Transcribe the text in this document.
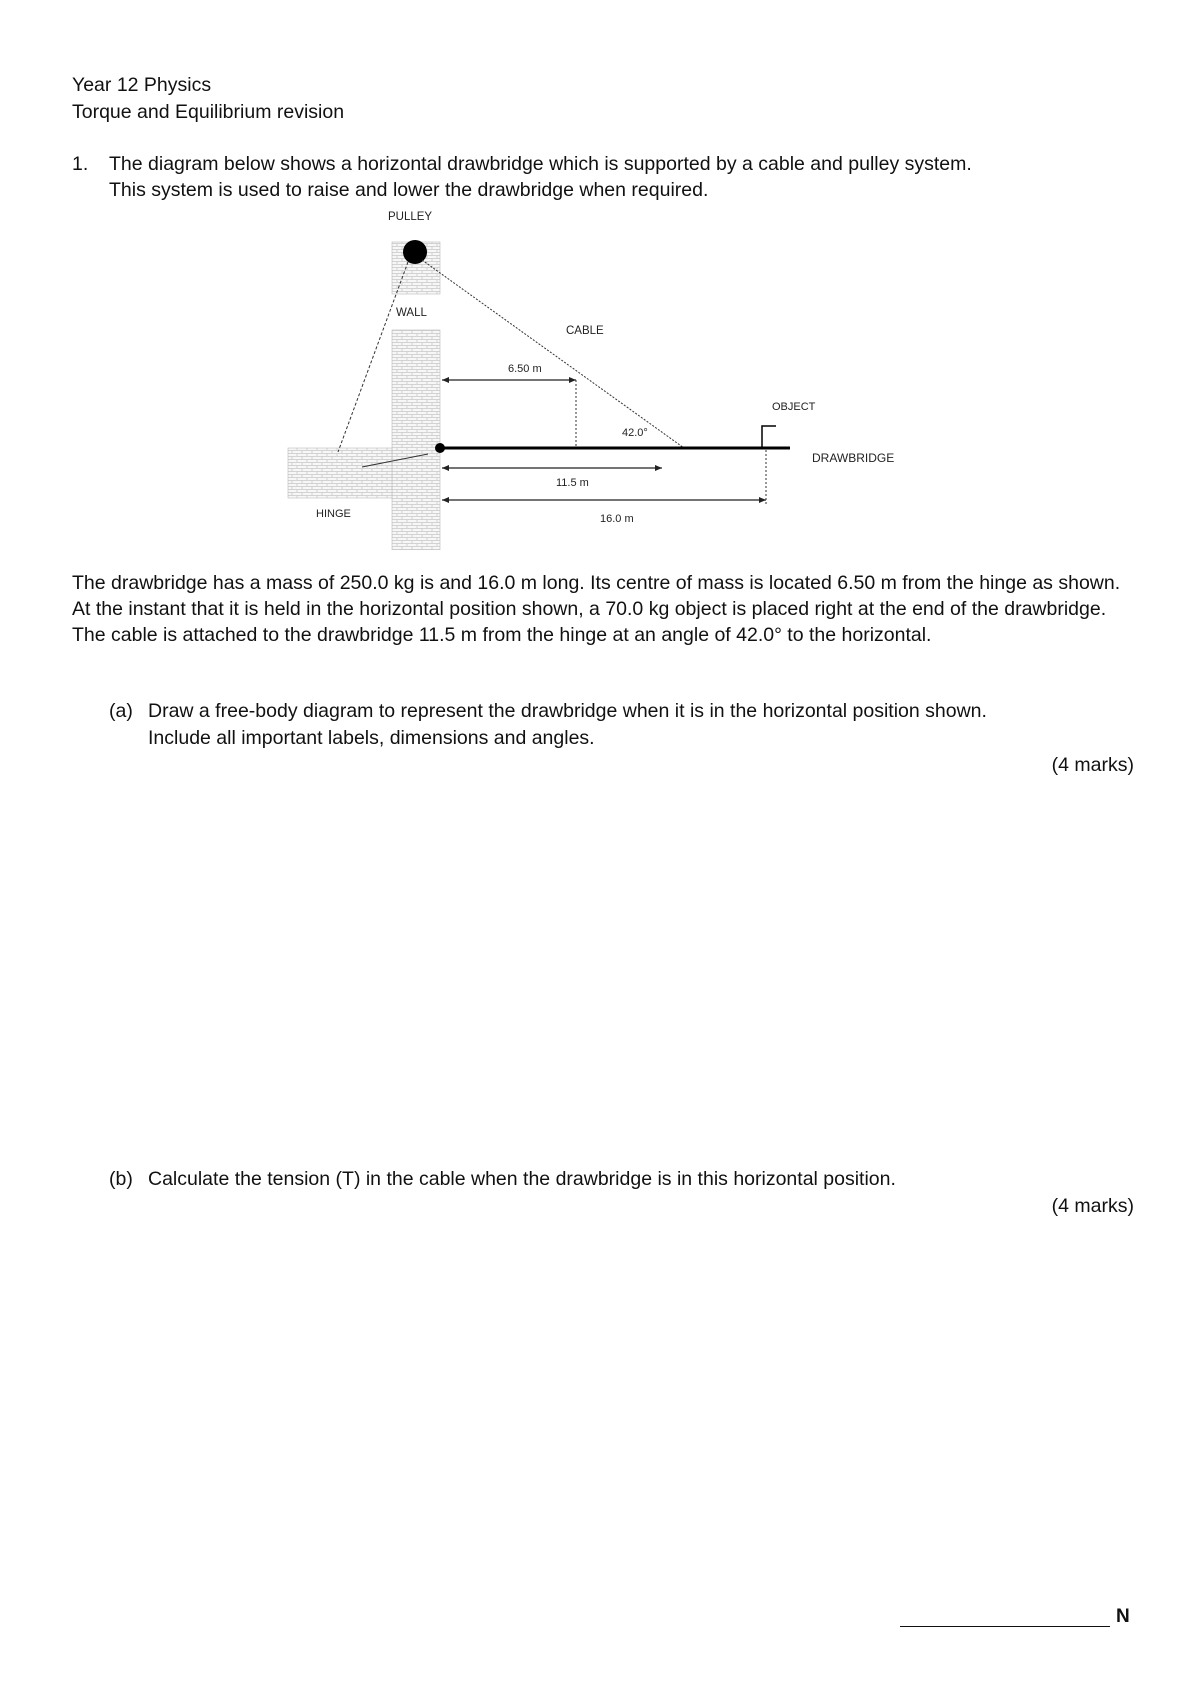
Year 12 Physics
Torque and Equilibrium revision
1. The diagram below shows a horizontal drawbridge which is supported by a cable and pulley system.
This system is used to raise and lower the drawbridge when required.
PULLEY
WALL
CABLE
6.50 m
OBJECT
42.0°
DRAWBRIDGE
11.5 m
HINGE	16.0 m
The drawbridge has a mass of 250.0 kg is and 16.0 m long. Its centre of mass is located 6.50 m from the hinge as shown. At the instant that it is held in the horizontal position shown, a 70.0 kg object is placed right at the end of the drawbridge. The cable is attached to the drawbridge 11.5 m from the hinge at an angle of 42.0° to the horizontal.
(a) Draw a free-body diagram to represent the drawbridge when it is in the horizontal position shown.
Include all important labels, dimensions and angles.
(4 marks)
(b) Calculate the tension (T) in the cable when the drawbridge is in this horizontal position.
(4 marks)
N
